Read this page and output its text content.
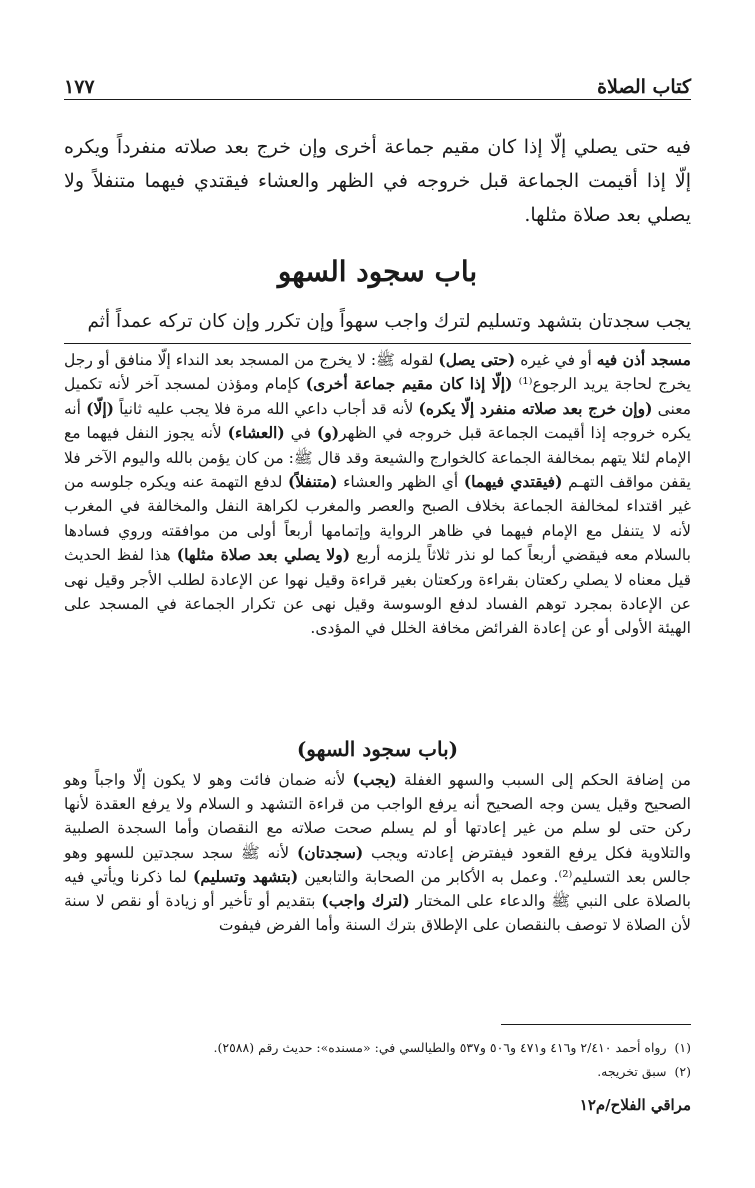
كتاب الصلاة
١٧٧

فيه حتى يصلي إلّا إذا كان مقيم جماعة أخرى وإن خرج بعد صلاته منفرداً ويكره إلّا إذا أقيمت الجماعة قبل خروجه في الظهر والعشاء فيقتدي فيهما متنفلاً ولا يصلي بعد صلاة مثلها.

باب سجود السهو

يجب سجدتان بتشهد وتسليم لترك واجب سهواً وإن تكرر وإن كان تركه عمداً أثم

مسجد أذن فيه أو في غيره (حتى يصل) لقوله ﷺ: لا يخرج من المسجد بعد النداء إلّا منافق أو رجل يخرج لحاجة يريد الرجوع⁽¹⁾ (إلّا إذا كان مقيم جماعة أخرى) كإمام ومؤذن لمسجد آخر لأنه تكميل معنى (وإن خرج بعد صلاته منفرد إلّا يكره) لأنه قد أجاب داعي الله مرة فلا يجب عليه ثانياً (إلّا) أنه يكره خروجه إذا أقيمت الجماعة قبل خروجه في الظهر(و) في (العشاء) لأنه يجوز النفل فيهما مع الإمام لئلا يتهم بمخالفة الجماعة كالخوارج والشيعة وقد قال ﷺ: من كان يؤمن بالله واليوم الآخر فلا يقفن مواقف التهـم (فيقتدي فيهما) أي الظهر والعشاء (متنفلاً) لدفع التهمة عنه ويكره جلوسه من غير اقتداء لمخالفة الجماعة بخلاف الصبح والعصر والمغرب لكراهة النفل والمخالفة في المغرب لأنه لا يتنفل مع الإمام فيهما في ظاهر الرواية وإتمامها أربعاً أولى من موافقته وروي فسادها بالسلام معه فيقضي أربعاً كما لو نذر ثلاثاً يلزمه أربع (ولا يصلي بعد صلاة مثلها) هذا لفظ الحديث قيل معناه لا يصلي ركعتان بقراءة وركعتان بغير قراءة وقيل نهوا عن الإعادة لطلب الأجر وقيل نهى عن الإعادة بمجرد توهم الفساد لدفع الوسوسة وقيل نهى عن تكرار الجماعة في المسجد على الهيئة الأولى أو عن إعادة الفرائض مخافة الخلل في المؤدى.

(باب سجود السهو)

من إضافة الحكم إلى السبب والسهو الغفلة (يجب) لأنه ضمان فائت وهو لا يكون إلّا واجباً وهو الصحيح وقيل يسن وجه الصحيح أنه يرفع الواجب من قراءة التشهد و السلام ولا يرفع العقدة لأنها ركن حتى لو سلم من غير إعادتها أو لم يسلم صحت صلاته مع النقصان وأما السجدة الصلبية والتلاوية فكل يرفع القعود فيفترض إعادته ويجب (سجدتان) لأنه ﷺ سجد سجدتين للسهو وهو جالس بعد التسليم⁽²⁾. وعمل به الأكابر من الصحابة والتابعين (بتشهد وتسليم) لما ذكرنا ويأتي فيه بالصلاة على النبي ﷺ والدعاء على المختار (لترك واجب) بتقديم أو تأخير أو زيادة أو نقص لا سنة لأن الصلاة لا توصف بالنقصان على الإطلاق بترك السنة وأما الفرض فيفوت

(١)
رواه أحمد ٢/٤١٠ و٤١٦ و٤٧١ و٥٠٦ و٥٣٧ والطيالسي في: «مسنده»: حديث رقم (٢٥٨٨).
(٢)
سبق تخريجه.
مراقي الفلاح/م١٢
